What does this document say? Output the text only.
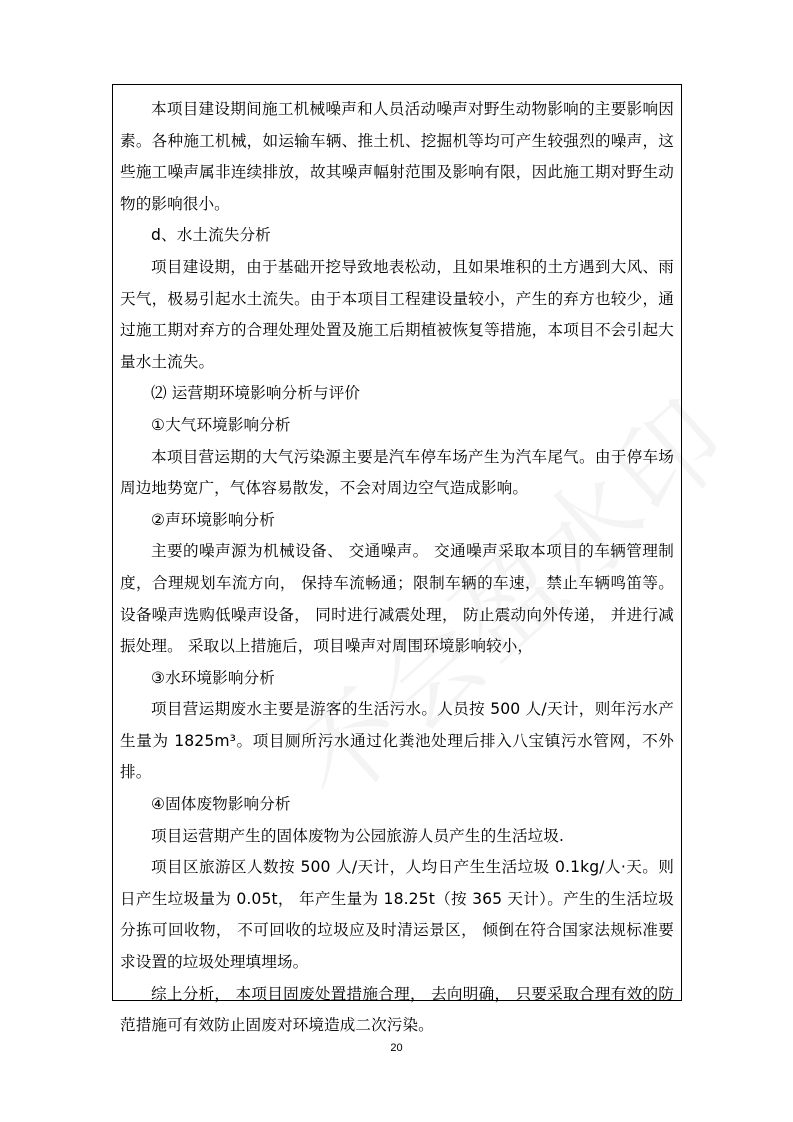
本项目建设期间施工机械噪声和人员活动噪声对野生动物影响的主要影响因素。各种施工机械，如运输车辆、推土机、挖掘机等均可产生较强烈的噪声，这些施工噪声属非连续排放，故其噪声幅射范围及影响有限，因此施工期对野生动物的影响很小。

d、水土流失分析

项目建设期，由于基础开挖导致地表松动，且如果堆积的土方遇到大风、雨天气，极易引起水土流失。由于本项目工程建设量较小，产生的弃方也较少，通过施工期对弃方的合理处理处置及施工后期植被恢复等措施，本项目不会引起大量水土流失。

⑵ 运营期环境影响分析与评价

①大气环境影响分析

本项目营运期的大气污染源主要是汽车停车场产生为汽车尾气。由于停车场周边地势宽广，气体容易散发，不会对周边空气造成影响。

②声环境影响分析

主要的噪声源为机械设备、 交通噪声。 交通噪声采取本项目的车辆管理制度，合理规划车流方向， 保持车流畅通；限制车辆的车速， 禁止车辆鸣笛等。设备噪声选购低噪声设备， 同时进行减震处理， 防止震动向外传递， 并进行减振处理。 采取以上措施后，项目噪声对周围环境影响较小，

③水环境影响分析

项目营运期废水主要是游客的生活污水。人员按 500 人/天计，则年污水产生量为 1825m³。项目厕所污水通过化粪池处理后排入八宝镇污水管网，不外排。

④固体废物影响分析

项目运营期产生的固体废物为公园旅游人员产生的生活垃圾.

项目区旅游区人数按 500 人/天计，人均日产生生活垃圾 0.1kg/人·天。则日产生垃圾量为 0.05t， 年产生量为 18.25t（按 365 天计）。产生的生活垃圾分拣可回收物， 不可回收的垃圾应及时清运景区， 倾倒在符合国家法规标准要求设置的垃圾处理填埋场。

综上分析， 本项目固废处置措施合理， 去向明确， 只要采取合理有效的防范措施可有效防止固废对环境造成二次污染。

20
